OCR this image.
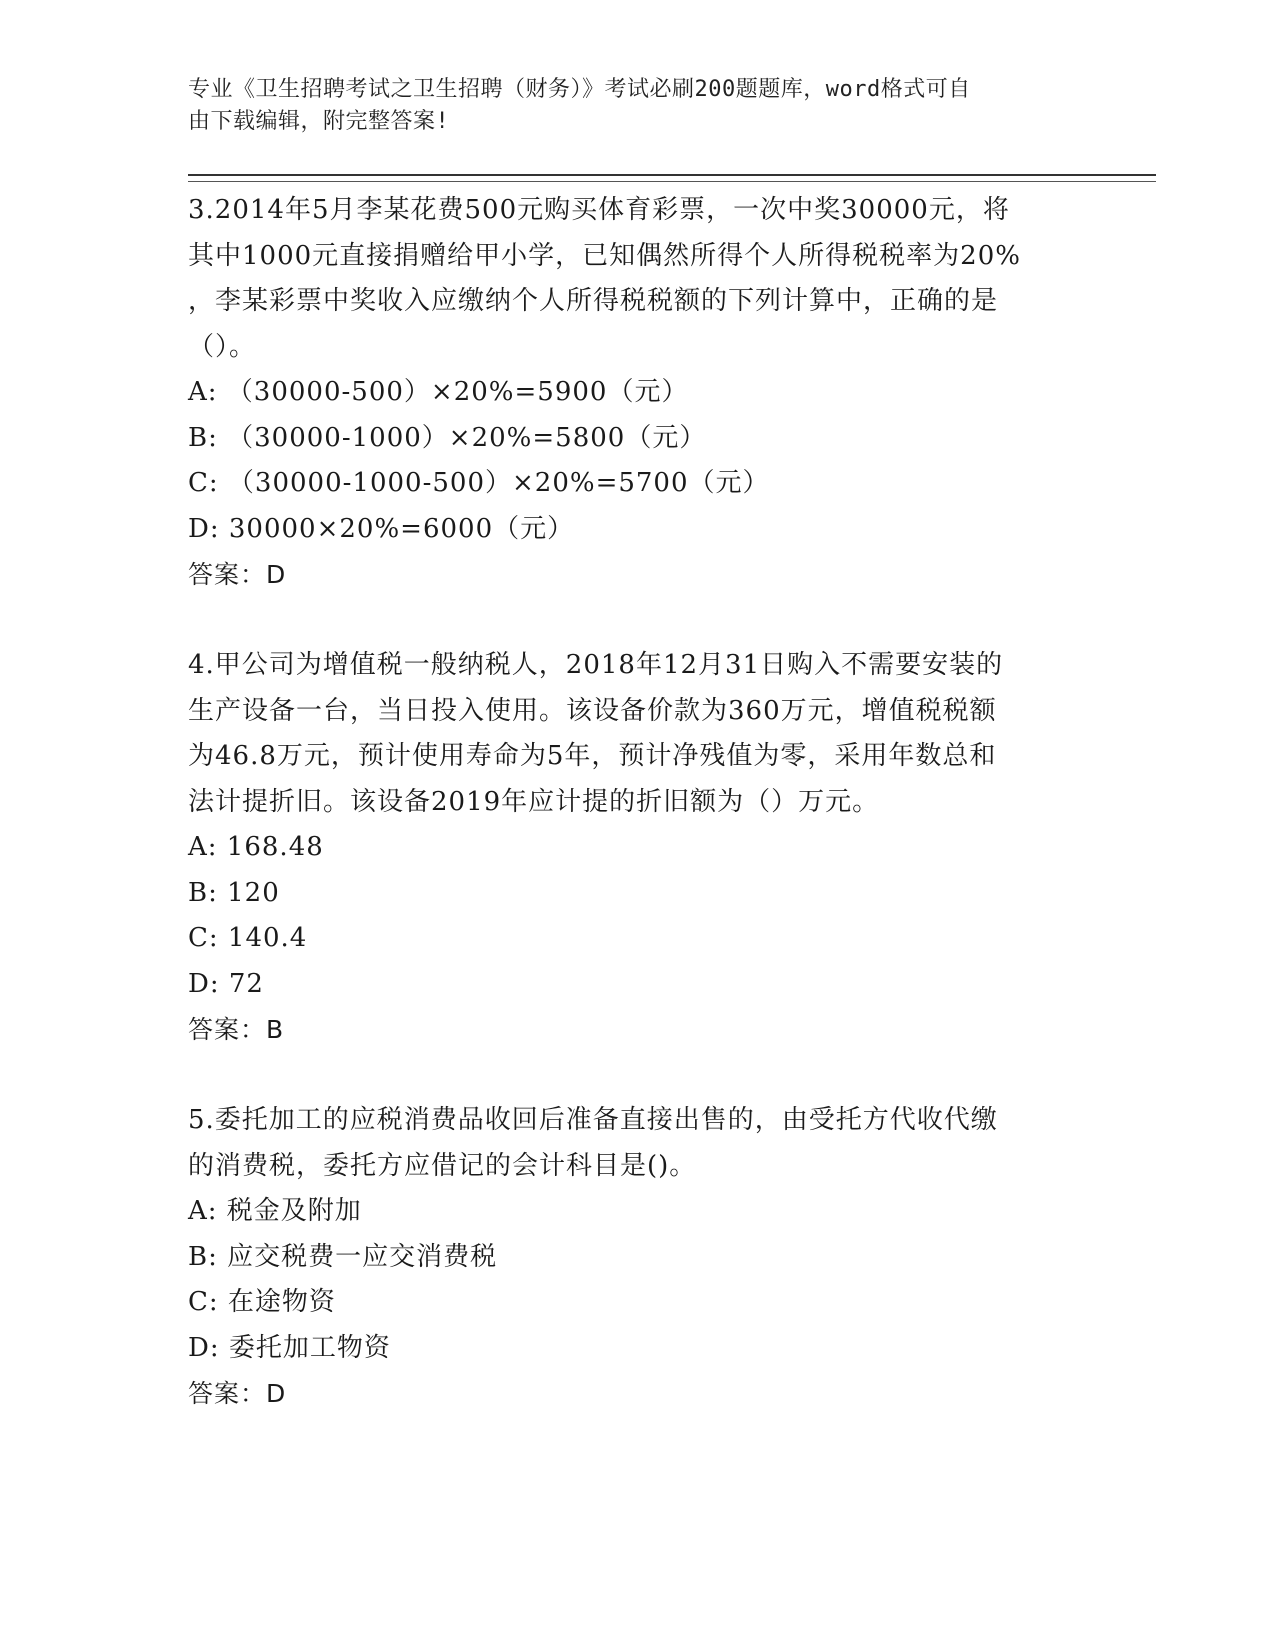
专业《卫生招聘考试之卫生招聘（财务）》考试必刷200题题库，word格式可自
由下载编辑，附完整答案!

3.2014年5月李某花费500元购买体育彩票，一次中奖30000元，将

其中1000元直接捐赠给甲小学，已知偶然所得个人所得税税率为20%

，李某彩票中奖收入应缴纳个人所得税税额的下列计算中，正确的是

（）。

A: （30000-500）×20%=5900（元）

B: （30000-1000）×20%=5800（元）

C: （30000-1000-500）×20%=5700（元）

D: 30000×20%=6000（元）

答案：D

4.甲公司为增值税一般纳税人，2018年12月31日购入不需要安装的

生产设备一台，当日投入使用。该设备价款为360万元，增值税税额

为46.8万元，预计使用寿命为5年，预计净残值为零，采用年数总和

法计提折旧。该设备2019年应计提的折旧额为（）万元。

A: 168.48

B: 120

C: 140.4

D: 72

答案：B

5.委托加工的应税消费品收回后准备直接出售的，由受托方代收代缴

的消费税，委托方应借记的会计科目是()。

A: 税金及附加

B: 应交税费一应交消费税

C: 在途物资

D: 委托加工物资

答案：D
